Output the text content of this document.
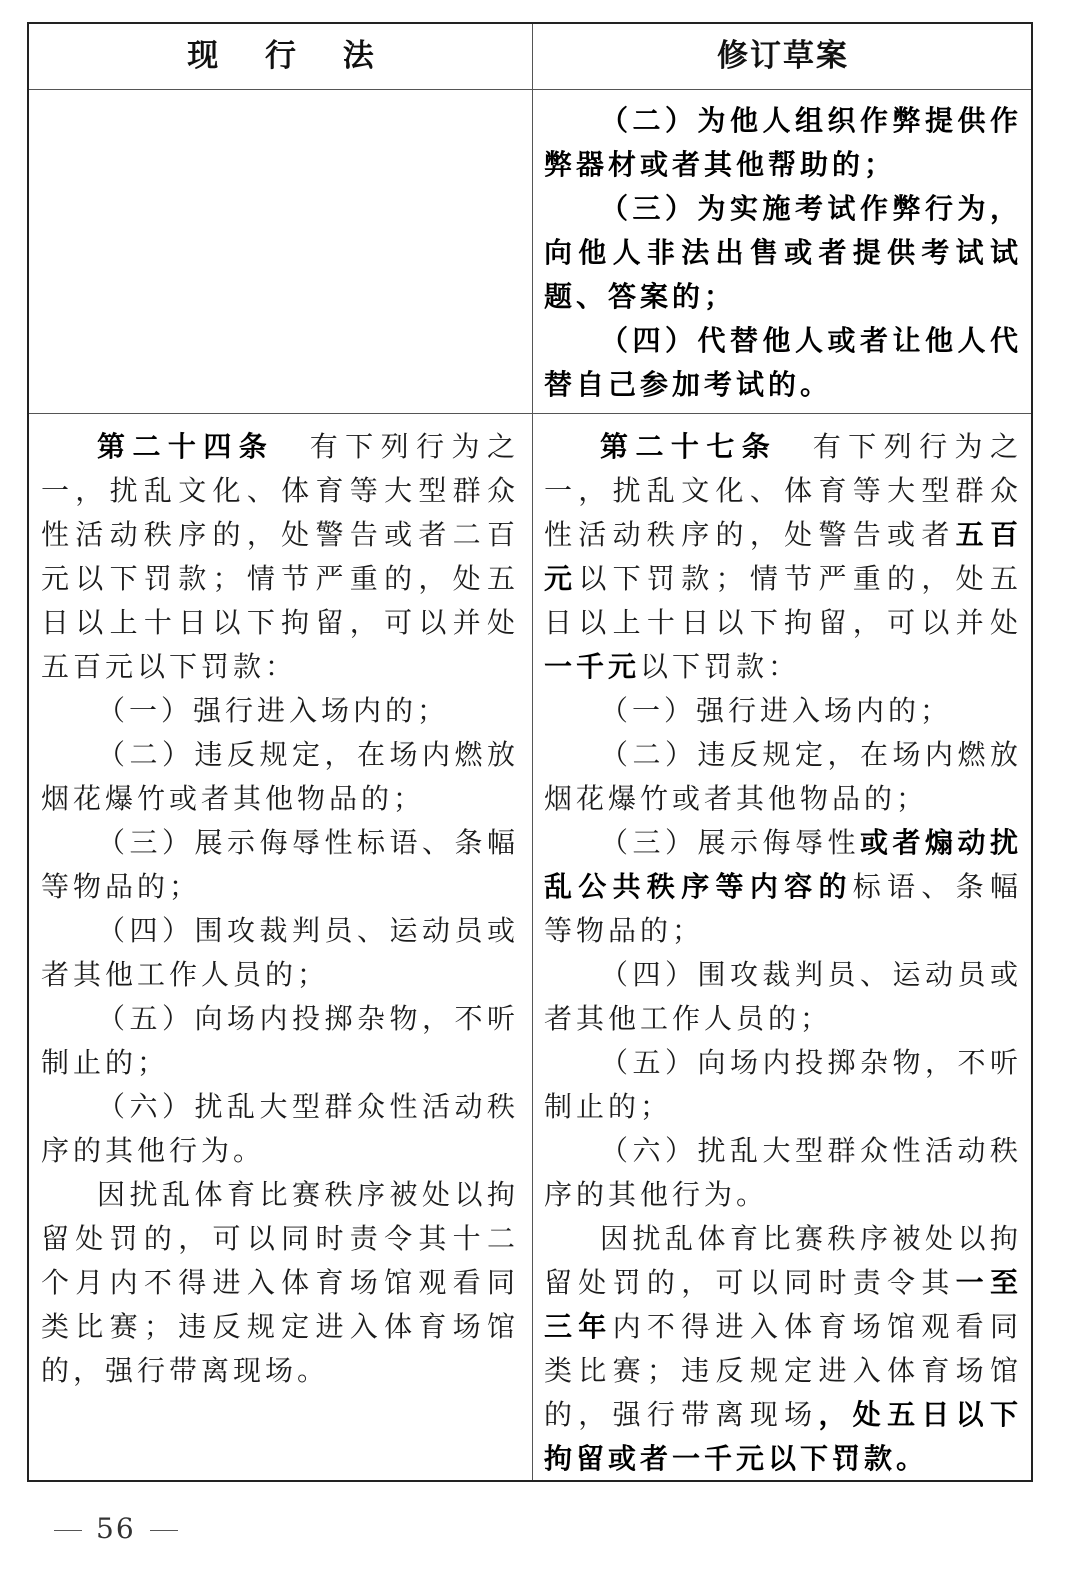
现 行 法	修订草案

（二）为他人组织作弊提供作弊器材或者其他帮助的；

（三）为实施考试作弊行为，向他人非法出售或者提供考试试题、答案的；

（四）代替他人或者让他人代替自己参加考试的。

第二十四条　有下列行为之一，扰乱文化、体育等大型群众性活动秩序的，处警告或者二百元以下罚款；情节严重的，处五日以上十日以下拘留，可以并处五百元以下罚款：

（一）强行进入场内的；

（二）违反规定，在场内燃放烟花爆竹或者其他物品的；

（三）展示侮辱性标语、条幅等物品的；

（四）围攻裁判员、运动员或者其他工作人员的；

（五）向场内投掷杂物，不听制止的；

（六）扰乱大型群众性活动秩序的其他行为。

因扰乱体育比赛秩序被处以拘留处罚的，可以同时责令其十二个月内不得进入体育场馆观看同类比赛；违反规定进入体育场馆的，强行带离现场。

第二十七条　有下列行为之一，扰乱文化、体育等大型群众性活动秩序的，处警告或者五百元以下罚款；情节严重的，处五日以上十日以下拘留，可以并处一千元以下罚款：

（一）强行进入场内的；

（二）违反规定，在场内燃放烟花爆竹或者其他物品的；

（三）展示侮辱性或者煽动扰乱公共秩序等内容的标语、条幅等物品的；

（四）围攻裁判员、运动员或者其他工作人员的；

（五）向场内投掷杂物，不听制止的；

（六）扰乱大型群众性活动秩序的其他行为。

因扰乱体育比赛秩序被处以拘留处罚的，可以同时责令其一至三年内不得进入体育场馆观看同类比赛；违反规定进入体育场馆的，强行带离现场，处五日以下拘留或者一千元以下罚款。

56
